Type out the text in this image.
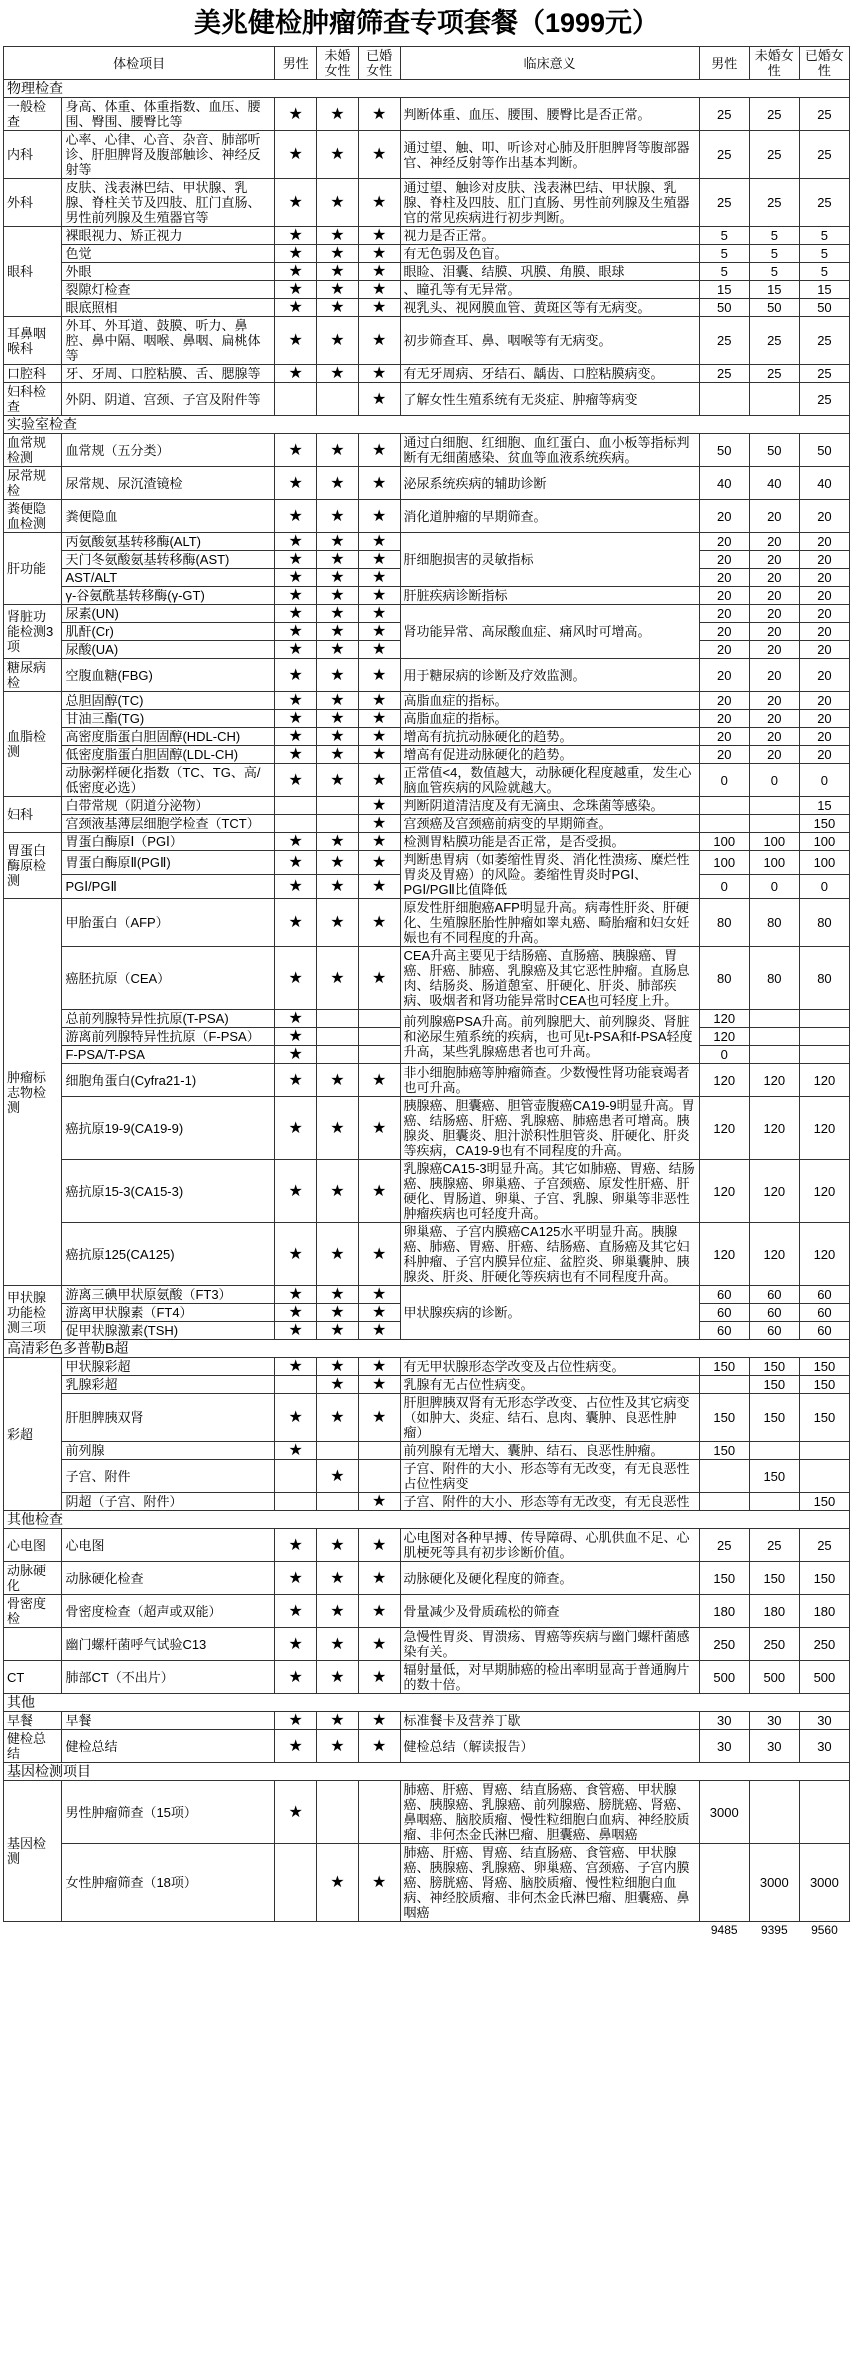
美兆健检肿瘤筛查专项套餐（1999元）
体检项目		男性	未婚女性	已婚女性	临床意义	男性	未婚女性	已婚女性
物理检查								
一般检查	身高、体重、体重指数、血压、腰围、臀围、腰臀比等	★	★	★	判断体重、血压、腰围、腰臀比是否正常。	25	25	25
内科	心率、心律、心音、杂音、肺部听诊、肝胆脾肾及腹部触诊、神经反射等	★	★	★	通过望、触、叩、听诊对心肺及肝胆脾肾等腹部器官、神经反射等作出基本判断。	25	25	25
外科	皮肤、浅表淋巴结、甲状腺、乳腺、脊柱关节及四肢、肛门直肠、男性前列腺及生殖器官等	★	★	★	通过望、触诊对皮肤、浅表淋巴结、甲状腺、乳腺、脊柱及四肢、肛门直肠、男性前列腺及生殖器官的常见疾病进行初步判断。	25	25	25
眼科	裸眼视力、矫正视力	★	★	★	视力是否正常。	5	5	5
	色觉	★	★	★	有无色弱及色盲。	5	5	5
	外眼	★	★	★	眼睑、泪囊、结膜、巩膜、角膜、眼球	5	5	5
	裂隙灯检查	★	★	★	、瞳孔等有无异常。	15	15	15
	眼底照相	★	★	★	视乳头、视网膜血管、黄斑区等有无病变。	50	50	50
耳鼻咽喉科	外耳、外耳道、鼓膜、听力、鼻腔、鼻中隔、咽喉、鼻咽、扁桃体等	★	★	★	初步筛查耳、鼻、咽喉等有无病变。	25	25	25
口腔科	牙、牙周、口腔粘膜、舌、腮腺等	★	★	★	有无牙周病、牙结石、龋齿、口腔粘膜病变。	25	25	25
妇科检查	外阴、阴道、宫颈、子宫及附件等			★	了解女性生殖系统有无炎症、肿瘤等病变			25
实验室检查								
血常规检测	血常规（五分类）	★	★	★	通过白细胞、红细胞、血红蛋白、血小板等指标判断有无细菌感染、贫血等血液系统疾病。	50	50	50
尿常规检	尿常规、尿沉渣镜检	★	★	★	泌尿系统疾病的辅助诊断	40	40	40
粪便隐血检测	粪便隐血	★	★	★	消化道肿瘤的早期筛查。	20	20	20
肝功能	丙氨酸氨基转移酶(ALT)	★	★	★	肝细胞损害的灵敏指标	20	20	20
	天门冬氨酸氨基转移酶(AST)	★	★	★		20	20	20
	AST/ALT	★	★	★		20	20	20
	γ-谷氨酰基转移酶(γ-GT)	★	★	★	肝脏疾病诊断指标	20	20	20
肾脏功能检测3项	尿素(UN)	★	★	★	肾功能异常、高尿酸血症、痛风时可增高。	20	20	20
	肌酐(Cr)	★	★	★		20	20	20
	尿酸(UA)	★	★	★		20	20	20
糖尿病检	空腹血糖(FBG)	★	★	★	用于糖尿病的诊断及疗效监测。	20	20	20
血脂检测	总胆固醇(TC)	★	★	★	高脂血症的指标。	20	20	20
	甘油三酯(TG)	★	★	★	高脂血症的指标。	20	20	20
	高密度脂蛋白胆固醇(HDL-CH)	★	★	★	增高有抗抗动脉硬化的趋势。	20	20	20
	低密度脂蛋白胆固醇(LDL-CH)	★	★	★	增高有促进动脉硬化的趋势。	20	20	20
	动脉粥样硬化指数（TC、TG、高/低密度必选）	★	★	★	正常值<4，数值越大，动脉硬化程度越重，发生心脑血管疾病的风险就越大。	0	0	0
妇科	白带常规（阴道分泌物）			★	判断阴道清洁度及有无滴虫、念珠菌等感染。			15
	宫颈液基薄层细胞学检查（TCT）			★	宫颈癌及宫颈癌前病变的早期筛查。			150
胃蛋白酶原检测	胃蛋白酶原Ⅰ（PGⅠ）	★	★	★	检测胃粘膜功能是否正常，是否受损。	100	100	100
	胃蛋白酶原Ⅱ(PGⅡ)	★	★	★	判断患胃病（如萎缩性胃炎、消化性溃疡、糜烂性胃炎及胃癌）的风险。萎缩性胃炎时PGⅠ、PGⅠ/PGⅡ比值降低	100	100	100
	PGⅠ/PGⅡ	★	★	★		0	0	0
肿瘤标志物检测	甲胎蛋白（AFP）	★	★	★	原发性肝细胞癌AFP明显升高。病毒性肝炎、肝硬化、生殖腺胚胎性肿瘤如睾丸癌、畸胎瘤和妇女妊娠也有不同程度的升高。	80	80	80
	癌胚抗原（CEA）	★	★	★	CEA升高主要见于结肠癌、直肠癌、胰腺癌、胃癌、肝癌、肺癌、乳腺癌及其它恶性肿瘤。直肠息肉、结肠炎、肠道憩室、肝硬化、肝炎、肺部疾病、吸烟者和肾功能异常时CEA也可轻度上升。	80	80	80
	总前列腺特异性抗原(T-PSA)	★			前列腺癌PSA升高。前列腺肥大、前列腺炎、肾脏和泌尿生殖系统的疾病，也可见t-PSA和f-PSA轻度升高，某些乳腺癌患者也可升高。	120		
	游离前列腺特异性抗原（F-PSA）	★				120		
	F-PSA/T-PSA	★				0		
	细胞角蛋白(Cyfra21-1)	★	★	★	非小细胞肺癌等肿瘤筛查。少数慢性肾功能衰竭者也可升高。	120	120	120
	癌抗原19-9(CA19-9)	★	★	★	胰腺癌、胆囊癌、胆管壶腹癌CA19-9明显升高。胃癌、结肠癌、肝癌、乳腺癌、肺癌患者可增高。胰腺炎、胆囊炎、胆汁淤积性胆管炎、肝硬化、肝炎等疾病，CA19-9也有不同程度的升高。	120	120	120
	癌抗原15-3(CA15-3)	★	★	★	乳腺癌CA15-3明显升高。其它如肺癌、胃癌、结肠癌、胰腺癌、卵巢癌、子宫颈癌、原发性肝癌、肝硬化、胃肠道、卵巢、子宫、乳腺、卵巢等非恶性肿瘤疾病也可轻度升高。	120	120	120
	癌抗原125(CA125)	★	★	★	卵巢癌、子宫内膜癌CA125水平明显升高。胰腺癌、肺癌、胃癌、肝癌、结肠癌、直肠癌及其它妇科肿瘤、子宫内膜异位症、盆腔炎、卵巢囊肿、胰腺炎、肝炎、肝硬化等疾病也有不同程度升高。	120	120	120
甲状腺功能检测三项	游离三碘甲状原氨酸（FT3）	★	★	★	甲状腺疾病的诊断。	60	60	60
	游离甲状腺素（FT4）	★	★	★		60	60	60
	促甲状腺激素(TSH)	★	★	★		60	60	60
高清彩色多普勒B超								
彩超	甲状腺彩超	★	★	★	有无甲状腺形态学改变及占位性病变。	150	150	150
	乳腺彩超		★	★	乳腺有无占位性病变。		150	150
	肝胆脾胰双肾	★	★	★	肝胆脾胰双肾有无形态学改变、占位性及其它病变（如肿大、炎症、结石、息肉、囊肿、良恶性肿瘤）	150	150	150
	前列腺	★			前列腺有无增大、囊肿、结石、良恶性肿瘤。	150		
	子宫、附件		★		子宫、附件的大小、形态等有无改变，有无良恶性占位性病变		150	
	阴超（子宫、附件）			★	子宫、附件的大小、形态等有无改变，有无良恶性			150
其他检查								
心电图	心电图	★	★	★	心电图对各种早搏、传导障碍、心肌供血不足、心肌梗死等具有初步诊断价值。	25	25	25
动脉硬化	动脉硬化检查	★	★	★	动脉硬化及硬化程度的筛查。	150	150	150
骨密度检	骨密度检查（超声或双能）	★	★	★	骨量减少及骨质疏松的筛查	180	180	180
	幽门螺杆菌呼气试验C13	★	★	★	急慢性胃炎、胃溃疡、胃癌等疾病与幽门螺杆菌感染有关。	250	250	250
CT	肺部CT（不出片）	★	★	★	辐射量低，对早期肺癌的检出率明显高于普通胸片的数十倍。	500	500	500
其他								
早餐	早餐	★	★	★	标准餐卡及营养丁歇	30	30	30
健检总结	健检总结	★	★	★	健检总结（解读报告）	30	30	30
基因检测项目								
基因检测	男性肿瘤筛查（15项）	★			肺癌、肝癌、胃癌、结直肠癌、食管癌、甲状腺癌、胰腺癌、乳腺癌、前列腺癌、膀胱癌、肾癌、鼻咽癌、脑胶质瘤、慢性粒细胞白血病、神经胶质瘤、非何杰金氏淋巴瘤、胆囊癌、鼻咽癌	3000		
	女性肿瘤筛查（18项）		★	★	肺癌、肝癌、胃癌、结直肠癌、食管癌、甲状腺癌、胰腺癌、乳腺癌、卵巢癌、宫颈癌、子宫内膜癌、膀胱癌、肾癌、脑胶质瘤、慢性粒细胞白血病、神经胶质瘤、非何杰金氏淋巴瘤、胆囊癌、鼻咽癌		3000	3000
						9485	9395	9560
